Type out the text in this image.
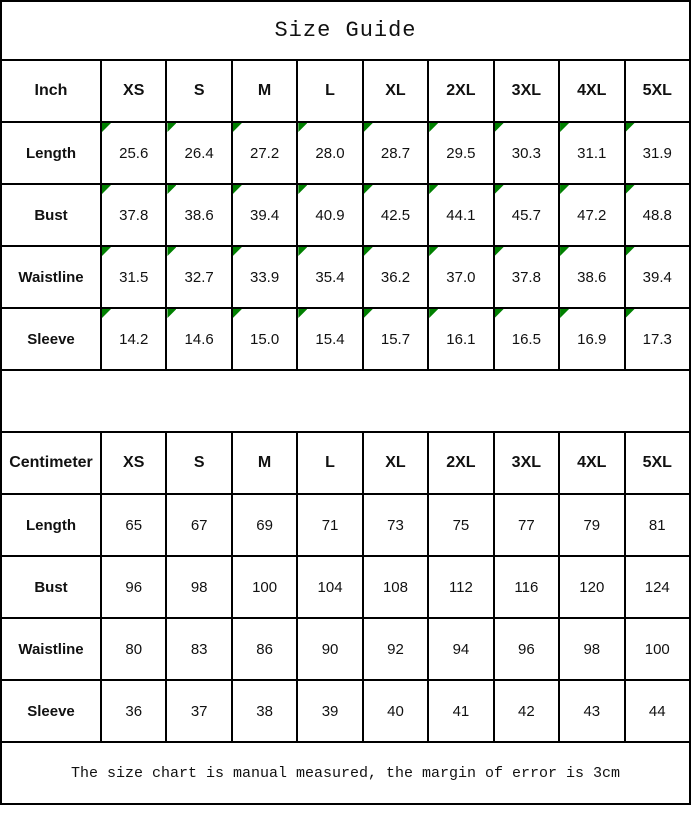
Size Guide									
Inch	XS	S	M	L	XL	2XL	3XL	4XL	5XL
Length	25.6	26.4	27.2	28.0	28.7	29.5	30.3	31.1	31.9
Bust	37.8	38.6	39.4	40.9	42.5	44.1	45.7	47.2	48.8
Waistline	31.5	32.7	33.9	35.4	36.2	37.0	37.8	38.6	39.4
Sleeve	14.2	14.6	15.0	15.4	15.7	16.1	16.5	16.9	17.3

Centimeter	XS	S	M	L	XL	2XL	3XL	4XL	5XL
Length	65	67	69	71	73	75	77	79	81
Bust	96	98	100	104	108	112	116	120	124
Waistline	80	83	86	90	92	94	96	98	100
Sleeve	36	37	38	39	40	41	42	43	44
The size chart is manual measured, the margin of error is 3cm									
